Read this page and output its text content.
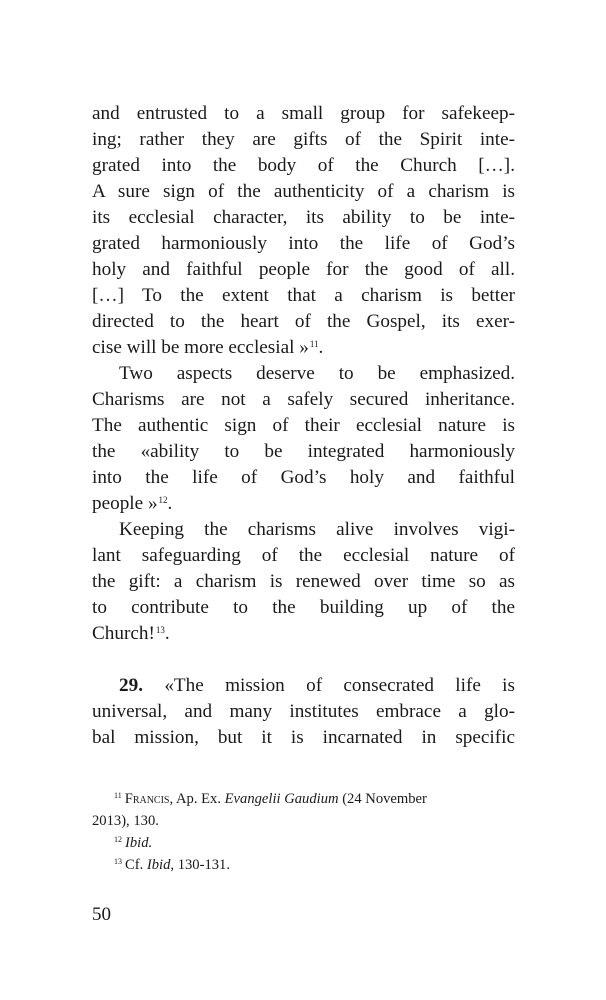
and entrusted to a small group for safekeep-
ing; rather they are gifts of the Spirit inte-
grated into the body of the Church […].
A sure sign of the authenticity of a charism is
its ecclesial character, its ability to be inte-
grated harmoniously into the life of God’s
holy and faithful people for the good of all.
[…] To the extent that a charism is better
directed to the heart of the Gospel, its exer-
cise will be more ecclesial »$^{11}$.
Two aspects deserve to be emphasized.
Charisms are not a safely secured inheritance.
The authentic sign of their ecclesial nature is
the «ability to be integrated harmoniously
into the life of God’s holy and faithful
people »$^{12}$.
Keeping the charisms alive involves vigi-
lant safeguarding of the ecclesial nature of
the gift: a charism is renewed over time so as
to contribute to the building up of the
Church!$^{13}$.
29. «The mission of consecrated life is
universal, and many institutes embrace a glo-
bal mission, but it is incarnated in specific
$^{11}$ Francis, Ap. Ex. Evangelii Gaudium (24 November
2013), 130.
$^{12}$ Ibid.
$^{13}$ Cf. Ibid, 130-131.
50
